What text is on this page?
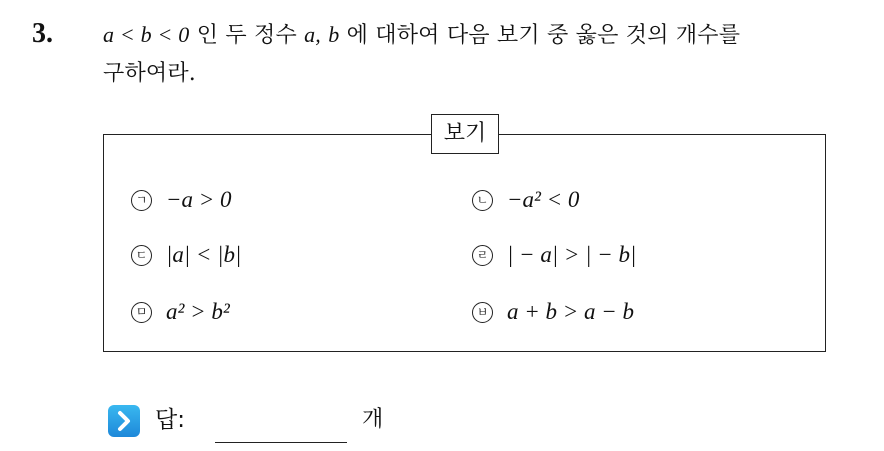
3. a < b < 0 인 두 정수 a, b 에 대하여 다음 보기 중 옳은 것의 개수를
구하여라.
보기
ㄱ −a > 0	ㄴ −a² < 0
ㄷ |a| < |b|	ㄹ | − a| > | − b|
ㅁ a² > b²	ㅂ a + b > a − b
답:	개
